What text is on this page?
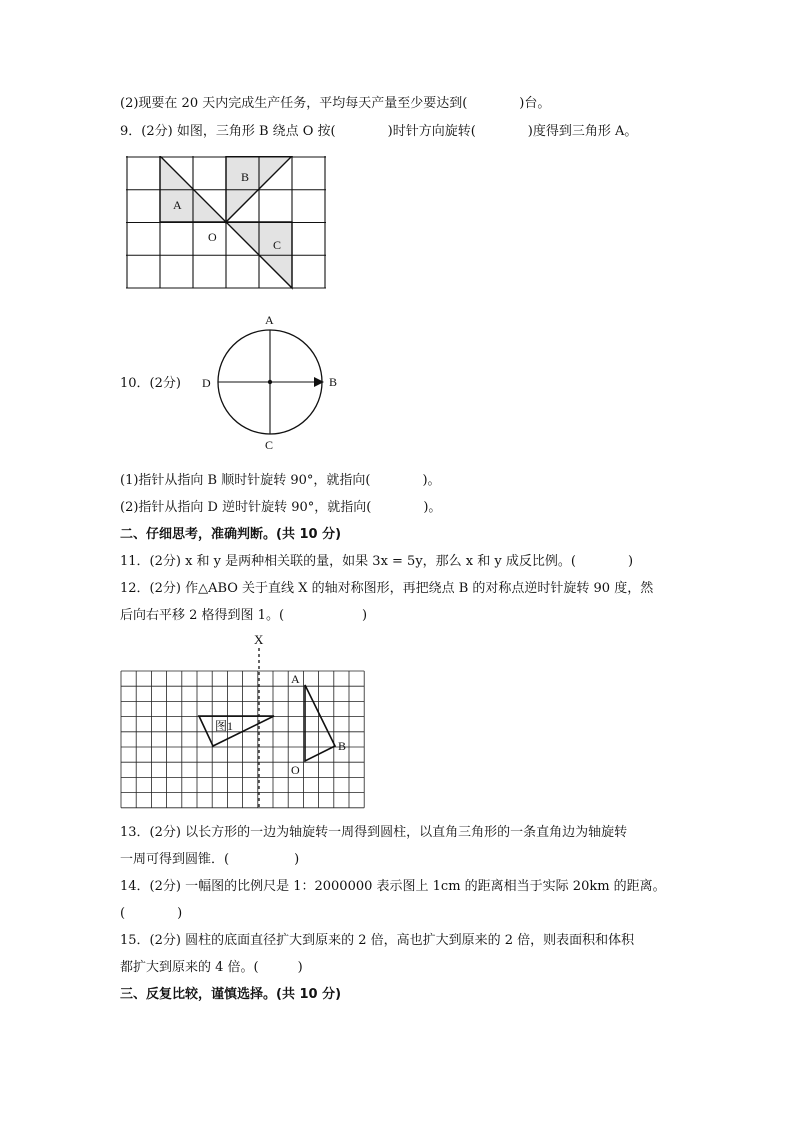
(2)现要在 20 天内完成生产任务，平均每天产量至少要达到(　　　　)台。
9．(2分) 如图，三角形 B 绕点 O 按(　　　　)时针方向旋转(　　　　)度得到三角形 A。
A
B
O
C
10．(2分)
A
B
C
D
(1)指针从指向 B 顺时针旋转 90°，就指向(　　　　)。
(2)指针从指向 D 逆时针旋转 90°，就指向(　　　　)。
二、仔细思考，准确判断。(共 10 分)
11．(2分) x 和 y 是两种相关联的量，如果 3x = 5y，那么 x 和 y 成反比例。(　　　　)
12．(2分) 作△ABO 关于直线 X 的轴对称图形，再把绕点 B 的对称点逆时针旋转 90 度，然
后向右平移 2 格得到图 1。(　　　　　　)
X
A
B
O
图1
13．(2分) 以长方形的一边为轴旋转一周得到圆柱，以直角三角形的一条直角边为轴旋转
一周可得到圆锥．(　　　　　)
14．(2分) 一幅图的比例尺是 1：2000000 表示图上 1cm 的距离相当于实际 20km 的距离。
(　　　　)
15．(2分) 圆柱的底面直径扩大到原来的 2 倍，高也扩大到原来的 2 倍，则表面积和体积
都扩大到原来的 4 倍。(　　　)
三、反复比较，谨慎选择。(共 10 分)
